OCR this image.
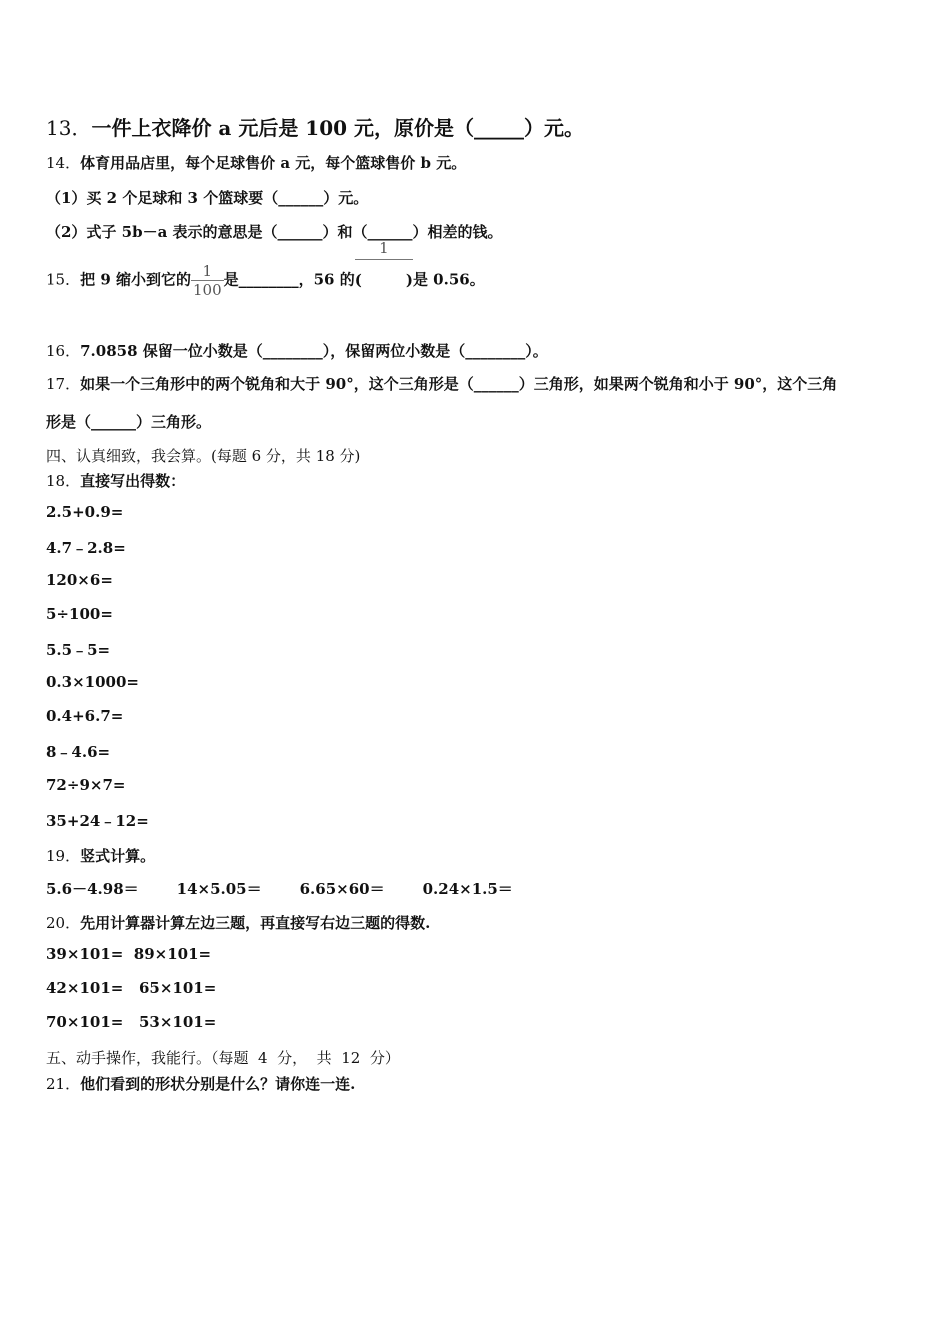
13．一件上衣降价 a 元后是 100 元，原价是（_____）元。
14．体育用品店里，每个足球售价 a 元，每个篮球售价 b 元。
（1）买 2 个足球和 3 个篮球要（______）元。
（2）式子 5b－a 表示的意思是（______）和（______）相差的钱。
15．把 9 缩小到它的 $\frac{1}{100}$ 是________，56 的
1
(	)是 0.56。
16．7.0858 保留一位小数是（________），保留两位小数是（________）。
17．如果一个三角形中的两个锐角和大于 90°，这个三角形是（______）三角形，如果两个锐角和小于 90°，这个三角
形是（______）三角形。
四、认真细致，我会算。(每题 6 分，共 18 分)
18．直接写出得数：
2.5+0.9=
4.7﹣2.8=
120×6=
5÷100=
5.5﹣5=
0.3×1000=
0.4+6.7=
8﹣4.6=
72÷9×7=
35+24﹣12=
19．竖式计算。
5.6－4.98＝	14×5.05＝	6.65×60＝	0.24×1.5＝
20．先用计算器计算左边三题，再直接写右边三题的得数.
39×101=  89×101=
42×101=   65×101=
70×101=   53×101=
五、动手操作，我能行。（每题  4  分，  共  12  分）
21．他们看到的形状分别是什么？请你连一连.
